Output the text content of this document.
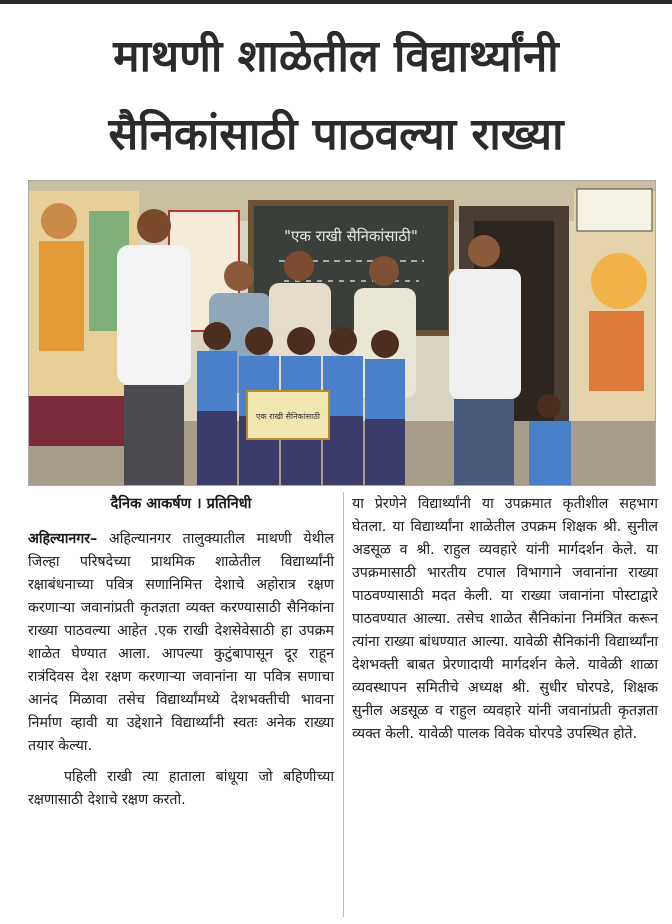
माथणी शाळेतील विद्यार्थ्यांनी
सैनिकांसाठी पाठवल्या राख्या
"एक राखी सैनिकांसाठी"
एक राखी सैनिकांसाठी

दैनिक आकर्षण । प्रतिनिधी

अहिल्यानगर– अहिल्यानगर तालुक्यातील माथणी येथील जिल्हा परिषदेच्या प्राथमिक शाळेतील विद्यार्थ्यांनी रक्षाबंधनाच्या पवित्र सणानिमित्त देशाचे अहोरात्र रक्षण करणाऱ्या जवानांप्रती कृतज्ञता व्यक्त करण्यासाठी सैनिकांना राख्या पाठवल्या आहेत .एक राखी देशसेवेसाठी हा उपक्रम शाळेत घेण्यात आला. आपल्या कुटुंबापासून दूर राहून रात्रंदिवस देश रक्षण करणाऱ्या जवानांना या पवित्र सणाचा आनंद मिळावा तसेच विद्यार्थ्यांमध्ये देशभक्तीची भावना निर्माण व्हावी या उद्देशाने विद्यार्थ्यांनी स्वतः अनेक राख्या तयार केल्या.

पहिली राखी त्या हाताला बांधूया जो बहिणीच्या रक्षणासाठी देशाचे रक्षण करतो.

या प्रेरणेने विद्यार्थ्यांनी या उपक्रमात कृतीशील सहभाग घेतला. या विद्यार्थ्यांना शाळेतील उपक्रम शिक्षक श्री. सुनील अडसूळ व श्री. राहुल व्यवहारे यांनी मार्गदर्शन केले. या उपक्रमासाठी भारतीय टपाल विभागाने जवानांना राख्या पाठवण्यासाठी मदत केली. या राख्या जवानांना पोस्टाद्वारे पाठवण्यात आल्या. तसेच शाळेत सैनिकांना निमंत्रित करून त्यांना राख्या बांधण्यात आल्या. यावेळी सैनिकांनी विद्यार्थ्यांना देशभक्ती बाबत प्रेरणादायी मार्गदर्शन केले. यावेळी शाळा व्यवस्थापन समितीचे अध्यक्ष श्री. सुधीर घोरपडे, शिक्षक सुनील अडसूळ व राहुल व्यवहारे यांनी जवानांप्रती कृतज्ञता व्यक्त केली. यावेळी पालक विवेक घोरपडे उपस्थित होते.
